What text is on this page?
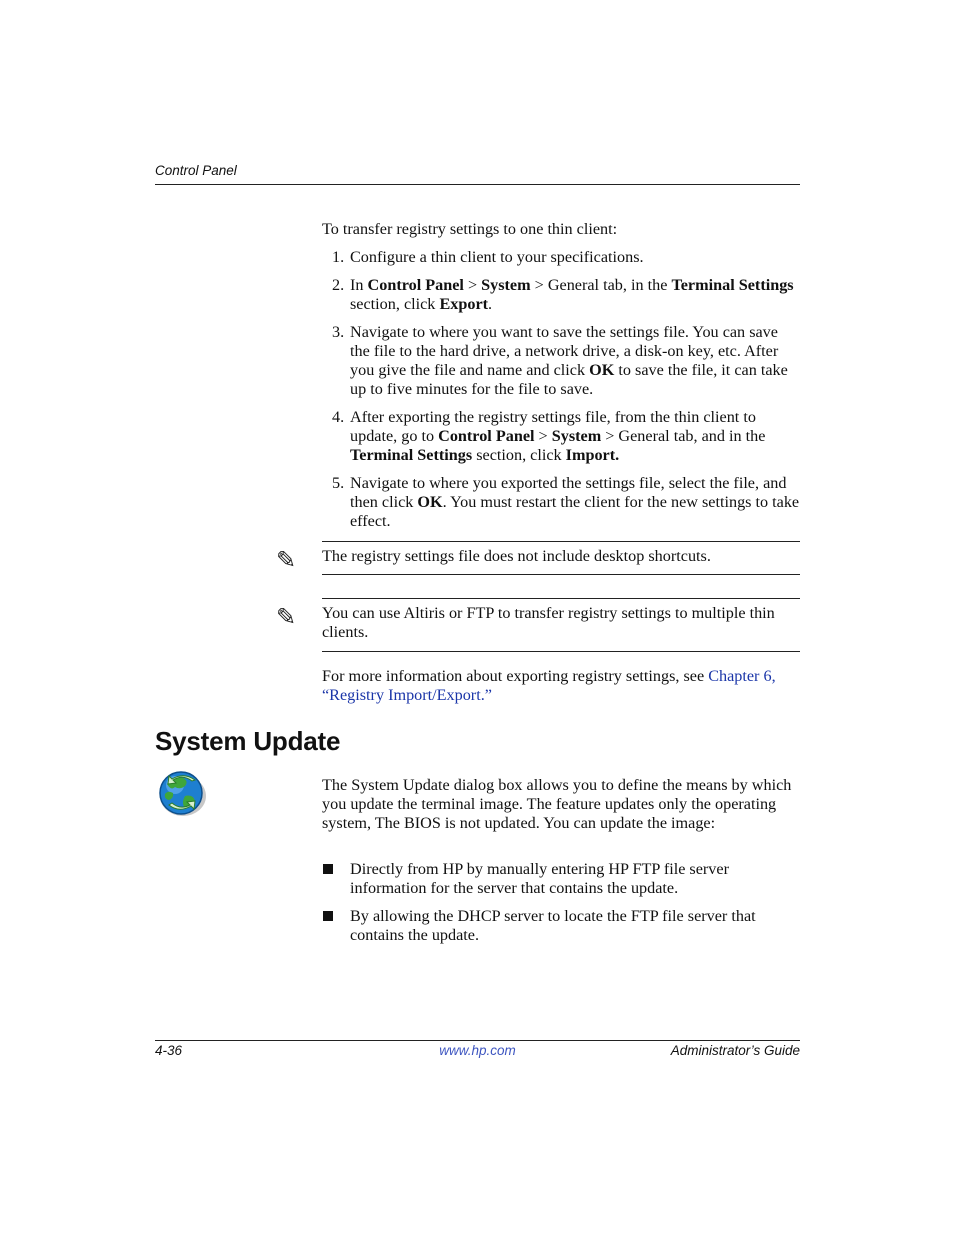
Control Panel
To transfer registry settings to one thin client:
1. Configure a thin client to your specifications.
2. In Control Panel > System > General tab, in the Terminal Settings section, click Export.
3. Navigate to where you want to save the settings file. You can save the file to the hard drive, a network drive, a disk-on key, etc. After you give the file and name and click OK to save the file, it can take up to five minutes for the file to save.
4. After exporting the registry settings file, from the thin client to update, go to Control Panel > System > General tab, and in the Terminal Settings section, click Import.
5. Navigate to where you exported the settings file, select the file, and then click OK. You must restart the client for the new settings to take effect.
✎ The registry settings file does not include desktop shortcuts.
✎ You can use Altiris or FTP to transfer registry settings to multiple thin clients.
For more information about exporting registry settings, see Chapter 6, “Registry Import/Export.”
System Update
The System Update dialog box allows you to define the means by which you update the terminal image. The feature updates only the operating system, The BIOS is not updated. You can update the image:
Directly from HP by manually entering HP FTP file server information for the server that contains the update.
By allowing the DHCP server to locate the FTP file server that contains the update.
4-36	www.hp.com	Administrator’s Guide
